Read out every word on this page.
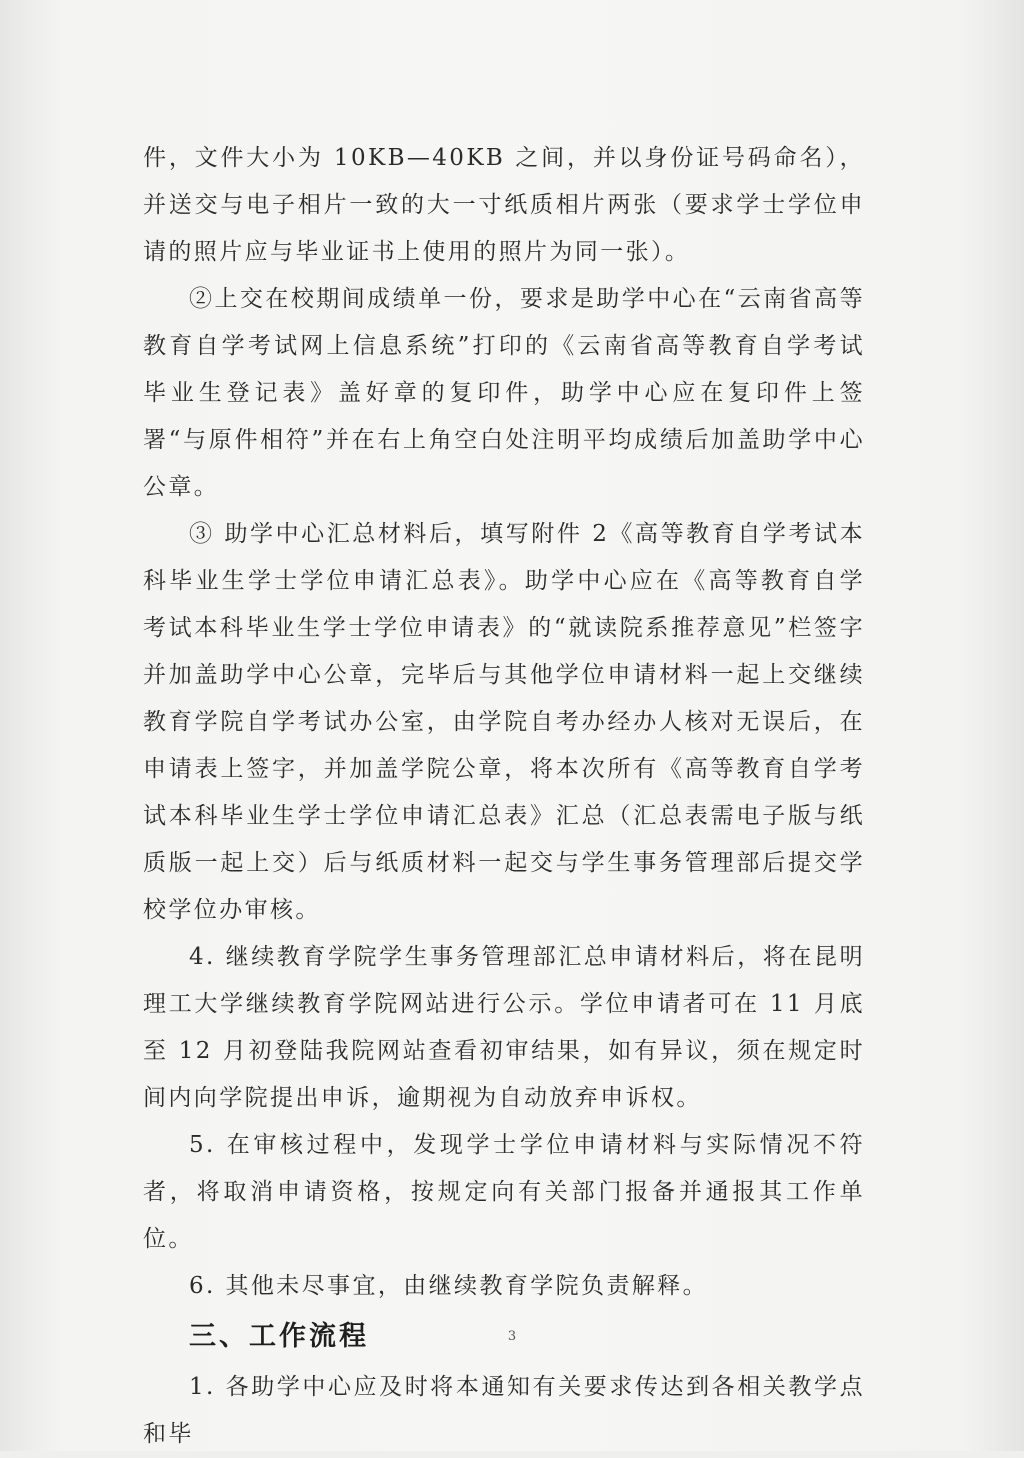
件，文件大小为 10KB—40KB 之间，并以身份证号码命名），并送交与电子相片一致的大一寸纸质相片两张（要求学士学位申请的照片应与毕业证书上使用的照片为同一张）。

②上交在校期间成绩单一份，要求是助学中心在“云南省高等教育自学考试网上信息系统”打印的《云南省高等教育自学考试毕业生登记表》盖好章的复印件，助学中心应在复印件上签署“与原件相符”并在右上角空白处注明平均成绩后加盖助学中心公章。

③ 助学中心汇总材料后，填写附件 2《高等教育自学考试本科毕业生学士学位申请汇总表》。助学中心应在《高等教育自学考试本科毕业生学士学位申请表》的“就读院系推荐意见”栏签字并加盖助学中心公章，完毕后与其他学位申请材料一起上交继续教育学院自学考试办公室，由学院自考办经办人核对无误后，在申请表上签字，并加盖学院公章，将本次所有《高等教育自学考试本科毕业生学士学位申请汇总表》汇总（汇总表需电子版与纸质版一起上交）后与纸质材料一起交与学生事务管理部后提交学校学位办审核。

4. 继续教育学院学生事务管理部汇总申请材料后，将在昆明理工大学继续教育学院网站进行公示。学位申请者可在 11 月底至 12 月初登陆我院网站查看初审结果，如有异议，须在规定时间内向学院提出申诉，逾期视为自动放弃申诉权。

5. 在审核过程中，发现学士学位申请材料与实际情况不符者，将取消申请资格，按规定向有关部门报备并通报其工作单位。

6. 其他未尽事宜，由继续教育学院负责解释。

三、工作流程

1. 各助学中心应及时将本通知有关要求传达到各相关教学点和毕

3
